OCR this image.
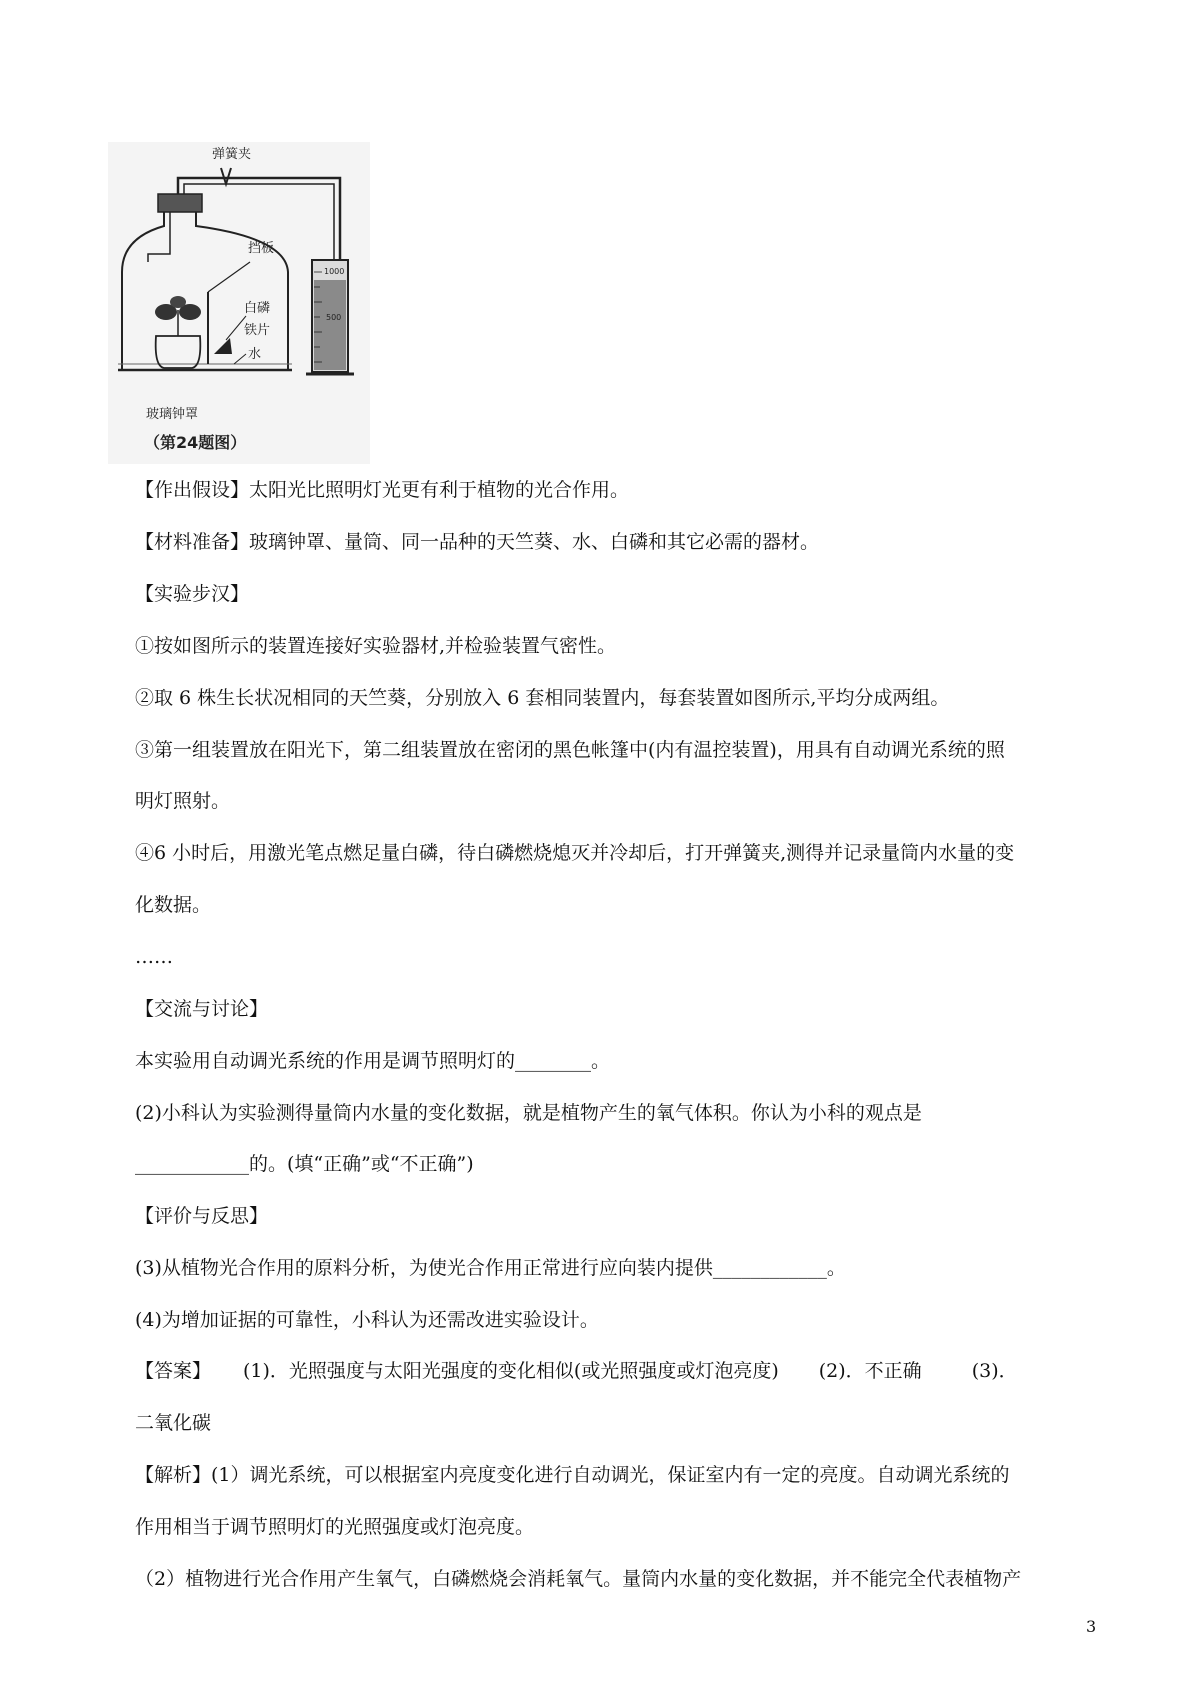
弹簧夹
挡板
白磷
铁片
水
1000
500
玻璃钟罩
（第24题图）
【作出假设】太阳光比照明灯光更有利于植物的光合作用。
【材料准备】玻璃钟罩、量筒、同一品种的天竺葵、水、白磷和其它必需的器材。
【实验步汉】
①按如图所示的装置连接好实验器材,并检验装置气密性。
②取 6 株生长状况相同的天竺葵，分别放入 6 套相同装置内，每套装置如图所示,平均分成两组。
③第一组装置放在阳光下，第二组装置放在密闭的黑色帐篷中(内有温控装置)，用具有自动调光系统的照
明灯照射。
④6 小时后，用激光笔点燃足量白磷，待白磷燃烧熄灭并冷却后，打开弹簧夹,测得并记录量筒内水量的变
化数据。
……
【交流与讨论】
本实验用自动调光系统的作用是调节照明灯的________。
(2)小科认为实验测得量筒内水量的变化数据，就是植物产生的氧气体积。你认为小科的观点是
____________的。(填“正确”或“不正确”)
【评价与反思】
(3)从植物光合作用的原料分析，为使光合作用正常进行应向装内提供____________。
(4)为增加证据的可靠性，小科认为还需改进实验设计。
【答案】 (1)．光照强度与太阳光强度的变化相似(或光照强度或灯泡亮度) (2)．不正确	(3)．
二氧化碳
【解析】(1）调光系统，可以根据室内亮度变化进行自动调光，保证室内有一定的亮度。自动调光系统的
作用相当于调节照明灯的光照强度或灯泡亮度。
（2）植物进行光合作用产生氧气，白磷燃烧会消耗氧气。量筒内水量的变化数据，并不能完全代表植物产
3
